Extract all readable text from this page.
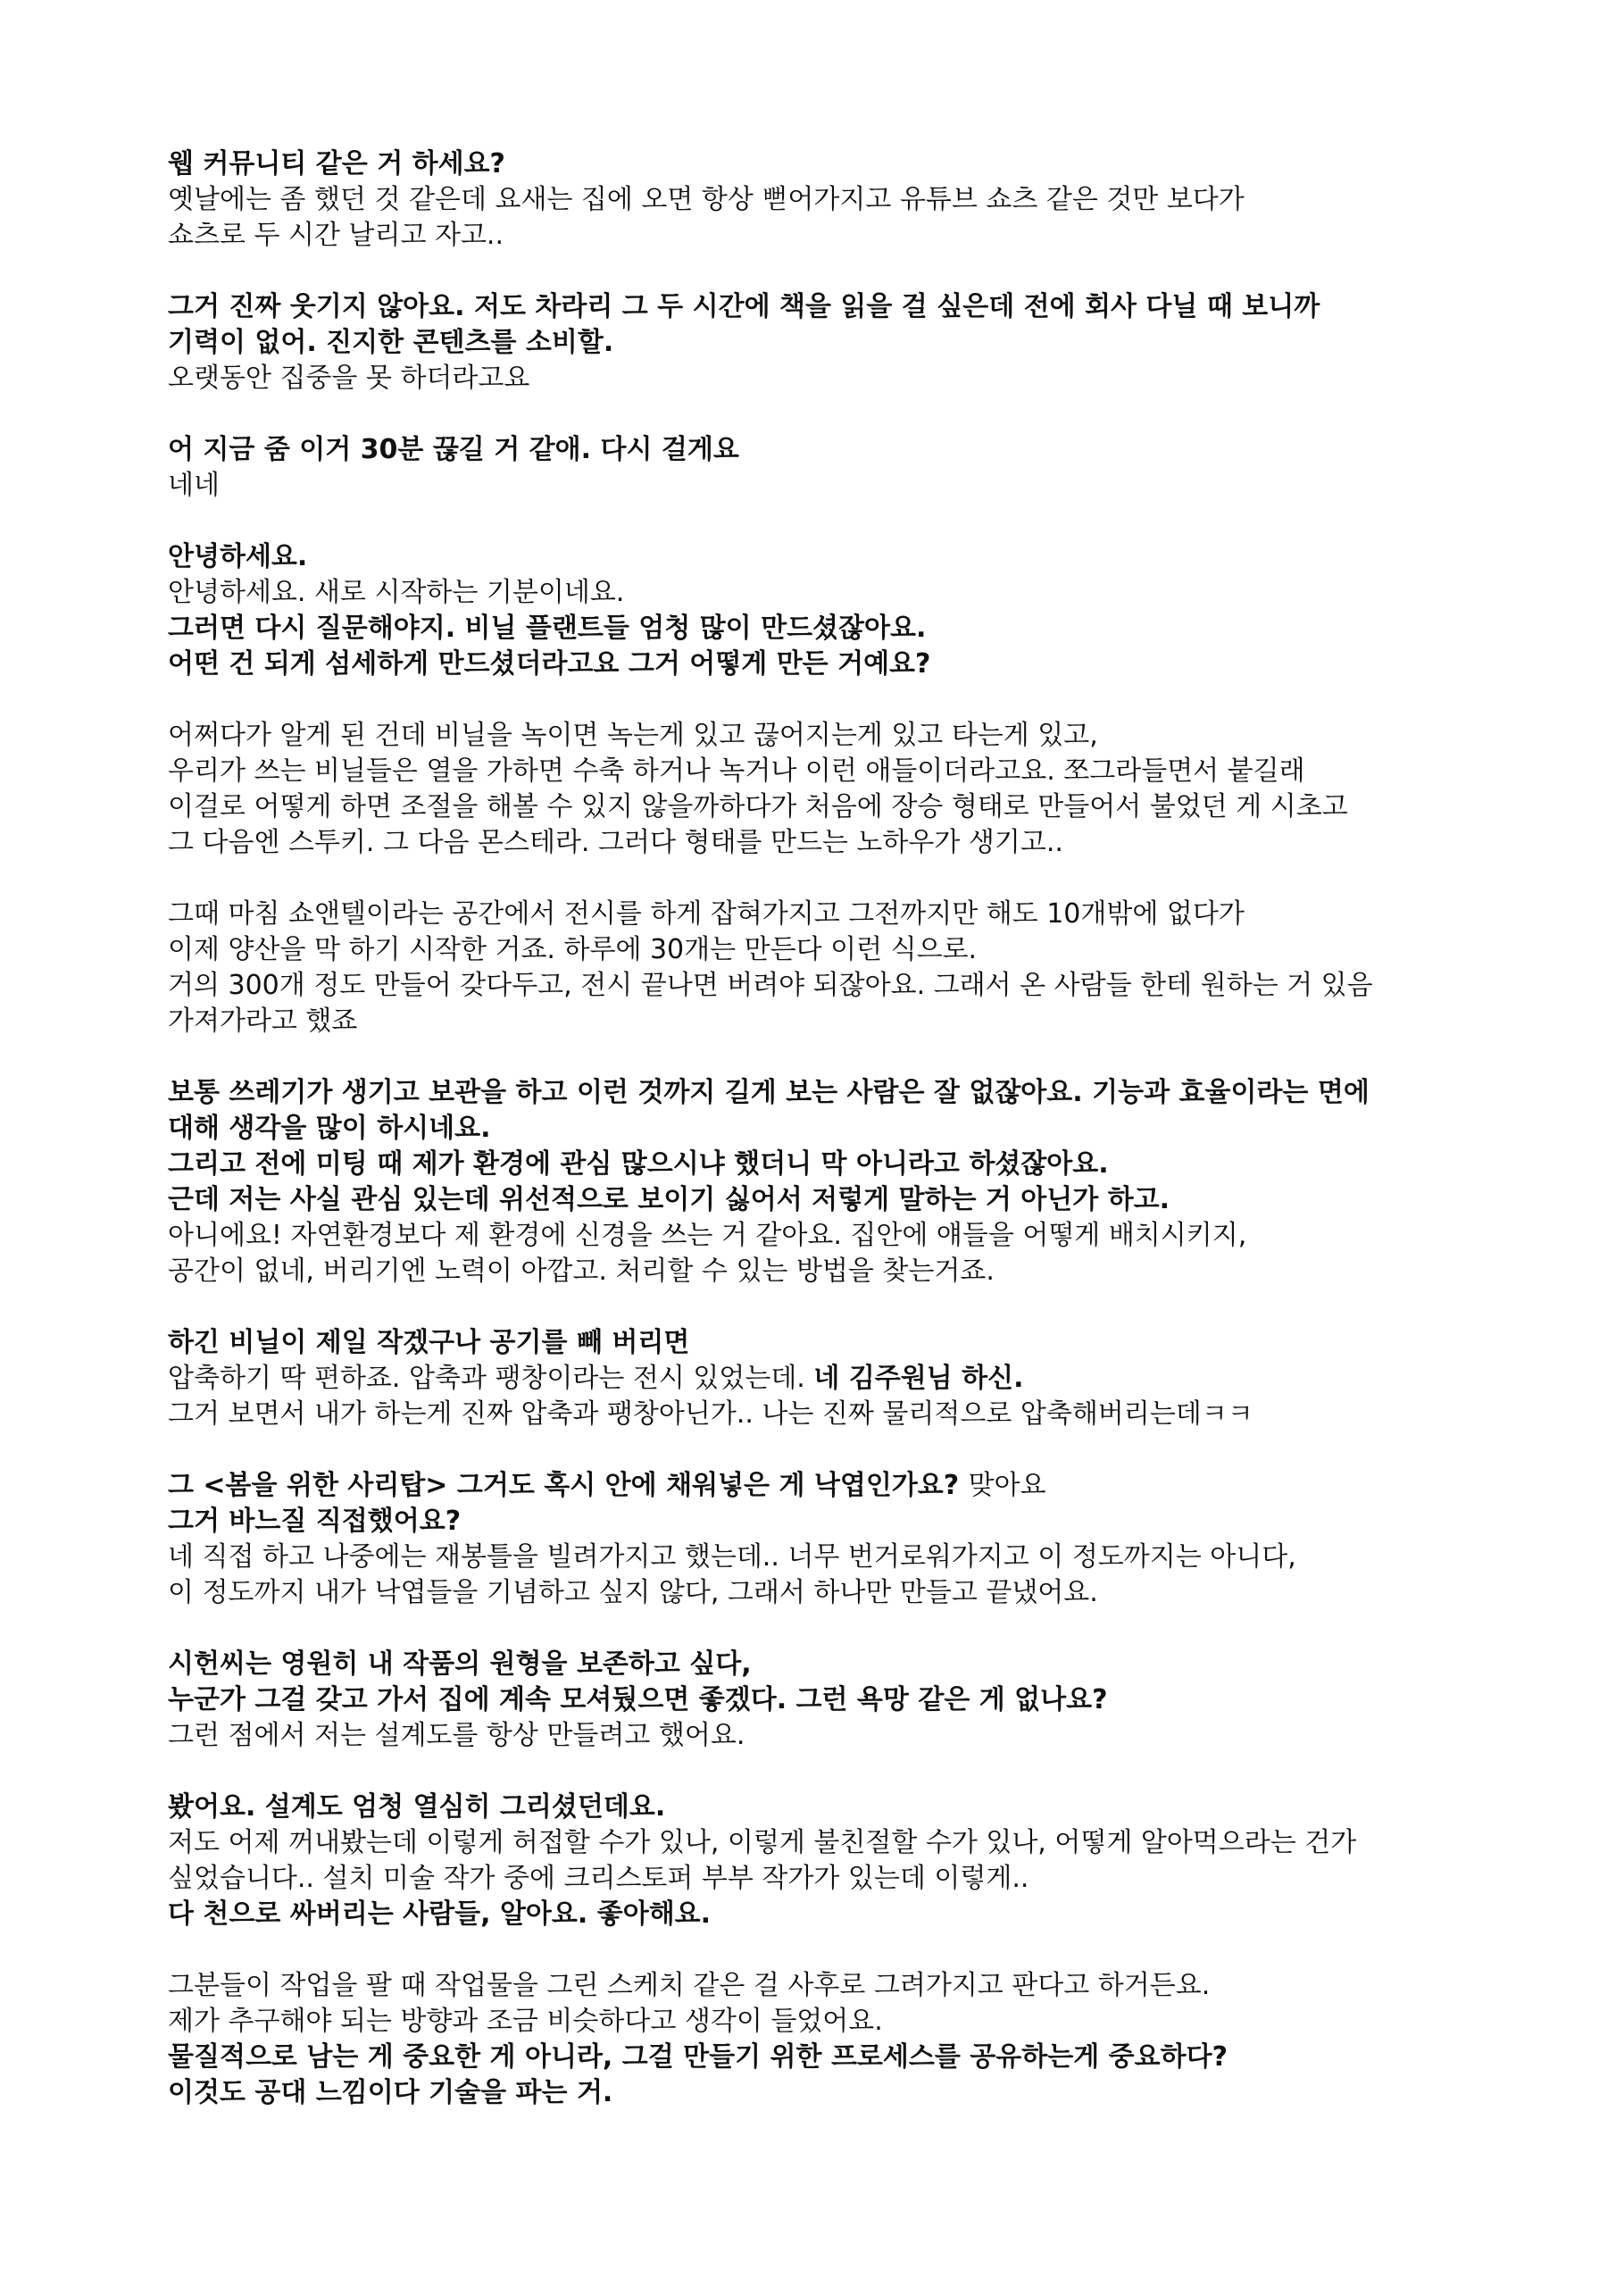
웹 커뮤니티 같은 거 하세요?
옛날에는 좀 했던 것 같은데 요새는 집에 오면 항상 뻗어가지고 유튜브 쇼츠 같은 것만 보다가
쇼츠로 두 시간 날리고 자고..
그거 진짜 웃기지 않아요. 저도 차라리 그 두 시간에 책을 읽을 걸 싶은데 전에 회사 다닐 때 보니까
기력이 없어. 진지한 콘텐츠를 소비할.
오랫동안 집중을 못 하더라고요
어 지금 줌 이거 30분 끊길 거 같애. 다시 걸게요
네네
안녕하세요.
안녕하세요. 새로 시작하는 기분이네요.
그러면 다시 질문해야지. 비닐 플랜트들 엄청 많이 만드셨잖아요.
어떤 건 되게 섬세하게 만드셨더라고요 그거 어떻게 만든 거예요?
어쩌다가 알게 된 건데 비닐을 녹이면 녹는게 있고 끊어지는게 있고 타는게 있고,
우리가 쓰는 비닐들은 열을 가하면 수축 하거나 녹거나 이런 애들이더라고요. 쪼그라들면서 붙길래
이걸로 어떻게 하면 조절을 해볼 수 있지 않을까하다가 처음에 장승 형태로 만들어서 불었던 게 시초고
그 다음엔 스투키. 그 다음 몬스테라. 그러다 형태를 만드는 노하우가 생기고..
그때 마침 쇼앤텔이라는 공간에서 전시를 하게 잡혀가지고 그전까지만 해도 10개밖에 없다가
이제 양산을 막 하기 시작한 거죠. 하루에 30개는 만든다 이런 식으로.
거의 300개 정도 만들어 갖다두고, 전시 끝나면 버려야 되잖아요. 그래서 온 사람들 한테 원하는 거 있음
가져가라고 했죠
보통 쓰레기가 생기고 보관을 하고 이런 것까지 길게 보는 사람은 잘 없잖아요. 기능과 효율이라는 면에
대해 생각을 많이 하시네요.
그리고 전에 미팅 때 제가 환경에 관심 많으시냐 했더니 막 아니라고 하셨잖아요.
근데 저는 사실 관심 있는데 위선적으로 보이기 싫어서 저렇게 말하는 거 아닌가 하고.
아니에요! 자연환경보다 제 환경에 신경을 쓰는 거 같아요. 집안에 얘들을 어떻게 배치시키지,
공간이 없네, 버리기엔 노력이 아깝고. 처리할 수 있는 방법을 찾는거죠.
하긴 비닐이 제일 작겠구나 공기를 빼 버리면
압축하기 딱 편하죠. 압축과 팽창이라는 전시 있었는데. 네 김주원님 하신.
그거 보면서 내가 하는게 진짜 압축과 팽창아닌가.. 나는 진짜 물리적으로 압축해버리는데ㅋㅋ
그 <봄을 위한 사리탑> 그거도 혹시 안에 채워넣은 게 낙엽인가요? 맞아요
그거 바느질 직접했어요?
네 직접 하고 나중에는 재봉틀을 빌려가지고 했는데.. 너무 번거로워가지고 이 정도까지는 아니다,
이 정도까지 내가 낙엽들을 기념하고 싶지 않다, 그래서 하나만 만들고 끝냈어요.
시헌씨는 영원히 내 작품의 원형을 보존하고 싶다,
누군가 그걸 갖고 가서 집에 계속 모셔뒀으면 좋겠다. 그런 욕망 같은 게 없나요?
그런 점에서 저는 설계도를 항상 만들려고 했어요.
봤어요. 설계도 엄청 열심히 그리셨던데요.
저도 어제 꺼내봤는데 이렇게 허접할 수가 있나, 이렇게 불친절할 수가 있나, 어떻게 알아먹으라는 건가
싶었습니다.. 설치 미술 작가 중에 크리스토퍼 부부 작가가 있는데 이렇게..
다 천으로 싸버리는 사람들, 알아요. 좋아해요.
그분들이 작업을 팔 때 작업물을 그린 스케치 같은 걸 사후로 그려가지고 판다고 하거든요.
제가 추구해야 되는 방향과 조금 비슷하다고 생각이 들었어요.
물질적으로 남는 게 중요한 게 아니라, 그걸 만들기 위한 프로세스를 공유하는게 중요하다?
이것도 공대 느낌이다 기술을 파는 거.
